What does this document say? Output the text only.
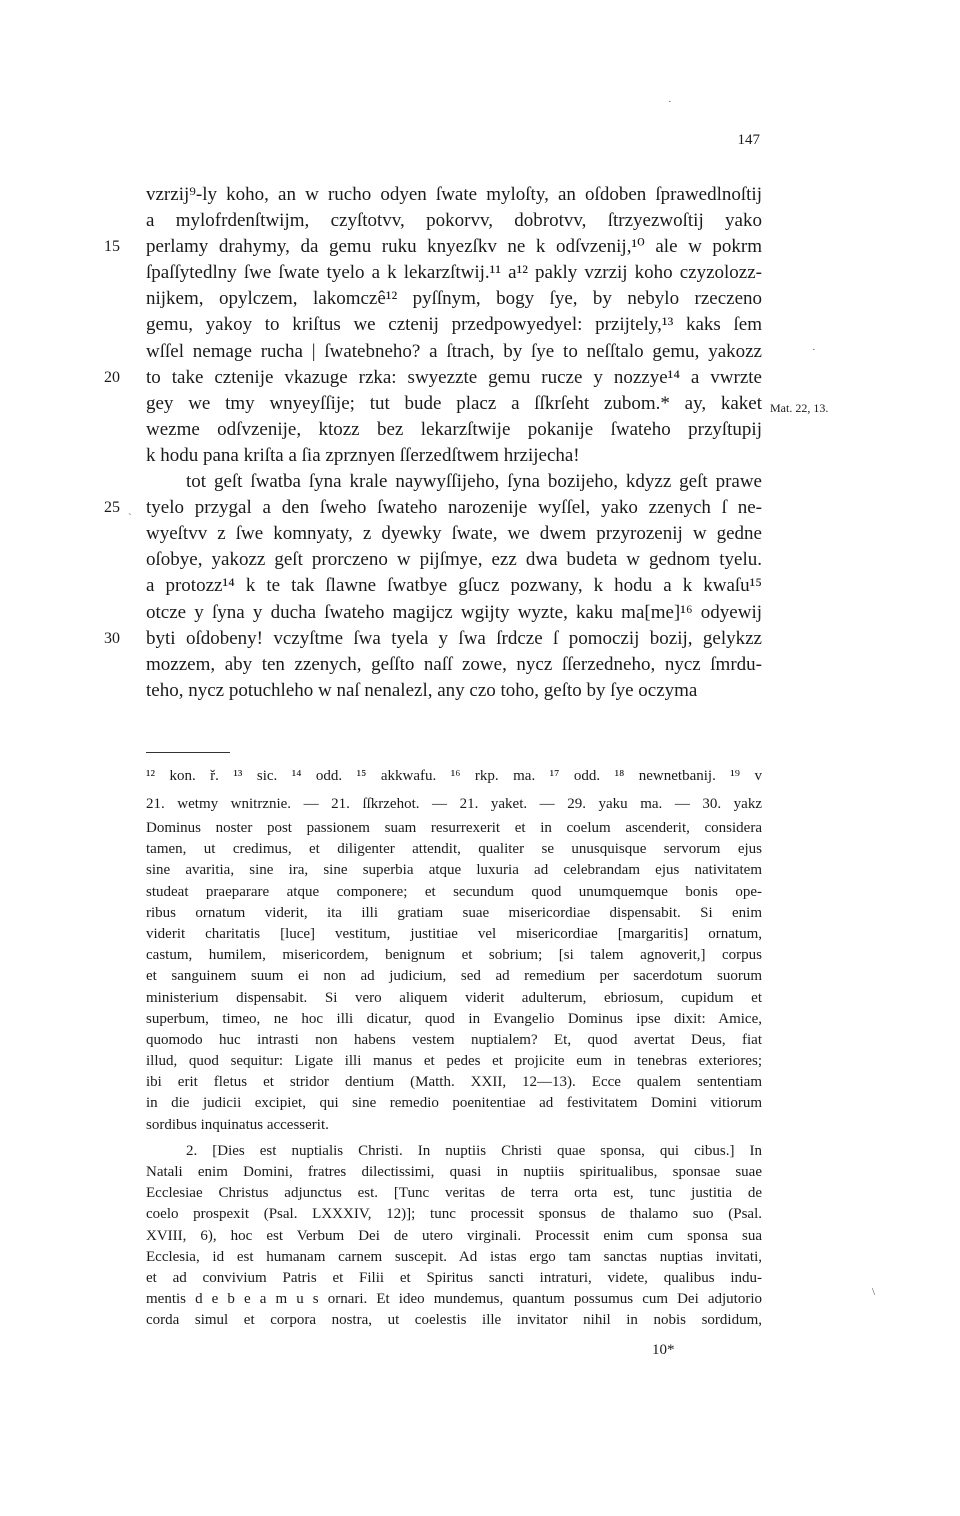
147
vzrzij⁹-ly koho, an w rucho odyen ſwate myloſty, an oſdoben ſprawedlnoſtij
a mylofrdenſtwijm, czyſtotvv, pokorvv, dobrotvv, ſtrzyezwoſtij yako
15 perlamy drahymy, da gemu ruku knyezſkv ne k odſvzenij,¹⁰ ale w pokrm
ſpaſſytedlny ſwe ſwate tyelo a k lekarzſtwij.¹¹ a¹² pakly vzrzij koho czyzolozz-
nijkem, opylczem, lakomczê¹² pyſſnym, bogy ſye, by nebylo rzeczeno
gemu, yakoy to kriſtus we cztenij przedpowyedyel: przijtely,¹³ kaks ſem
wſſel nemage rucha | ſwatebneho? a ſtrach, by ſye to neſſtalo gemu, yakozz
20 to take cztenije vkazuge rzka: swyezzte gemu rucze y nozzye¹⁴ a vwrzte
gey we tmy wnyeyſſije; tut bude placz a ſſkrſeht zubom.* ay, kaket Mat. 22, 13.
wezme odſvzenije, ktozz bez lekarzſtwije pokanije ſwateho przyſtupij
k hodu pana kriſta a ſia zprznyen ſſerzedſtwem hrzijecha!
tot geſt ſwatba ſyna krale naywyſſijeho, ſyna bozijeho, kdyzz geſt prawe
25 tyelo przygal a den ſweho ſwateho narozenije wyſſel, yako zzenych ſ ne-
wyeſtvv z ſwe komnyaty, z dyewky ſwate, we dwem przyrozenij w gedne
oſobye, yakozz geſt prorczeno w pijſmye, ezz dwa budeta w gednom tyelu.
a protozz¹⁴ k te tak ſlawne ſwatbye gſucz pozwany, k hodu a k kwaſu¹⁵
otcze y ſyna y ducha ſwateho magijcz wgijty wyzte, kaku ma[me]¹⁶ odyewij
30 byti oſdobeny! vczyſtme ſwa tyela y ſwa ſrdcze ſ pomoczij bozij, gelykzz
mozzem, aby ten zzenych, geſſto naſſ zowe, nycz ſſerzedneho, nycz ſmrdu-
teho, nycz potuchleho w naſ nenalezl, any czo toho, geſto by ſye oczyma
¹² kon. ř. ¹³ sic. ¹⁴ odd. ¹⁵ akkwafu. ¹⁶ rkp. ma. ¹⁷ odd. ¹⁸ newnetbanij. ¹⁹ v
21. wetmy wnitrznie. — 21. ſſkrzehot. — 21. yaket. — 29. yaku ma. — 30. yakz
Dominus noster post passionem suam resurrexerit et in coelum ascenderit, considera
tamen, ut credimus, et diligenter attendit, qualiter se unusquisque servorum ejus
sine avaritia, sine ira, sine superbia atque luxuria ad celebrandam ejus nativitatem
studeat praeparare atque componere; et secundum quod unumquemque bonis ope-
ribus ornatum viderit, ita illi gratiam suae misericordiae dispensabit. Si enim
viderit charitatis [luce] vestitum, justitiae vel misericordiae [margaritis] ornatum,
castum, humilem, misericordem, benignum et sobrium; [si talem agnoverit,] corpus
et sanguinem suum ei non ad judicium, sed ad remedium per sacerdotum suorum
ministerium dispensabit. Si vero aliquem viderit adulterum, ebriosum, cupidum et
superbum, timeo, ne hoc illi dicatur, quod in Evangelio Dominus ipse dixit: Amice,
quomodo huc intrasti non habens vestem nuptialem? Et, quod avertat Deus, fiat
illud, quod sequitur: Ligate illi manus et pedes et projicite eum in tenebras exteriores;
ibi erit fletus et stridor dentium (Matth. XXII, 12—13). Ecce qualem sententiam
in die judicii excipiet, qui sine remedio poenitentiae ad festivitatem Domini vitiorum
sordibus inquinatus accesserit.
2. [Dies est nuptialis Christi. In nuptiis Christi quae sponsa, qui cibus.] In
Natali enim Domini, fratres dilectissimi, quasi in nuptiis spiritualibus, sponsae suae
Ecclesiae Christus adjunctus est. [Tunc veritas de terra orta est, tunc justitia de
coelo prospexit (Psal. LXXXIV, 12)]; tunc processit sponsus de thalamo suo (Psal.
XVIII, 6), hoc est Verbum Dei de utero virginali. Processit enim cum sponsa sua
Ecclesia, id est humanam carnem suscepit. Ad istas ergo tam sanctas nuptias invitati,
et ad convivium Patris et Filii et Spiritus sancti intraturi, videte, qualibus indu-
mentis d e b e a m u s ornari. Et ideo mundemus, quantum possumus cum Dei adjutorio
corda simul et corpora nostra, ut coelestis ille invitator nihil in nobis sordidum,
10*
·
·
`
\
